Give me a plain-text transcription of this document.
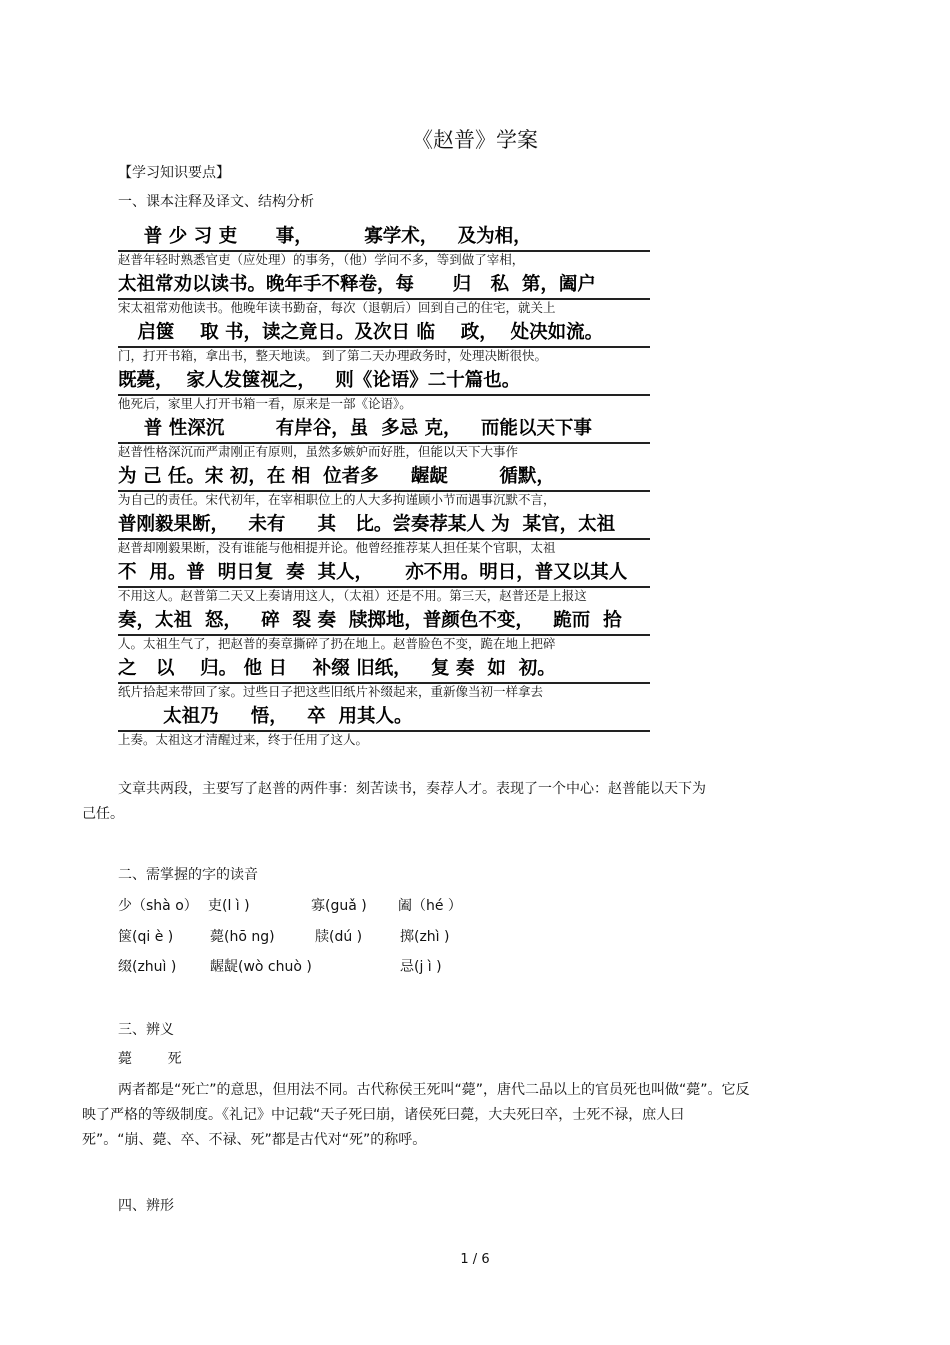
《赵普》学案
【学习知识要点】
一、课本注释及译文、结构分析
普 少 习 吏      事，        寡学术，   及为相，
赵普年轻时熟悉官吏（应处理）的事务，（他）学问不多，等到做了宰相，
太祖常劝以读书。晚年手不释卷，每      归   私  第，阖户
宋太祖常劝他读书。他晚年读书勤奋，每次（退朝后）回到自己的住宅，就关上
启箧    取 书，读之竟日。及次日 临    政，  处决如流。
门，打开书箱，拿出书，整天地读。 到了第二天办理政务时，处理决断很快。
既薨，  家人发箧视之，   则《论语》二十篇也。
他死后，家里人打开书箱一看，原来是一部《论语》。
普 性深沉        有岸谷，虽  多忌 克，   而能以天下事
赵普性格深沉而严肃刚正有原则，虽然多嫉妒而好胜，但能以天下大事作
为 己 任。宋 初，在 相  位者多     龌龊        循默，
为自己的责任。宋代初年，在宰相职位上的人大多拘谨顾小节而遇事沉默不言，
普刚毅果断，   未有     其   比。尝奏荐某人 为  某官，太祖
赵普却刚毅果断，没有谁能与他相提并论。他曾经推荐某人担任某个官职，太祖
不  用。普  明日复  奏  其人，     亦不用。明日，普又以其人
不用这人。赵普第二天又上奏请用这人，（太祖）还是不用。第三天，赵普还是上报这
奏，太祖  怒，   碎  裂 奏  牍掷地，普颜色不变，   跪而  拾
人。太祖生气了，把赵普的奏章撕碎了扔在地上。赵普脸色不变，跪在地上把碎
之   以    归。 他 日    补缀 旧纸，   复 奏  如  初。
纸片拾起来带回了家。过些日子把这些旧纸片补缀起来，重新像当初一样拿去
太祖乃     悟，   卒  用其人。
上奏。太祖这才清醒过来，终于任用了这人。
文章共两段，主要写了赵普的两件事：刻苦读书，奏荐人才。表现了一个中心：赵普能以天下为
己任。
二、需掌握的字的读音
少（shà o） 吏(l ì )	寡(guǎ ) 阖（hé ）
箧(qi è )	薨(hō ng)	牍(dú )	掷(zhì )
缀(zhuì ) 龌龊(wò chuò )	忌(j ì )
三、辨义
薨        死
两者都是“死亡”的意思，但用法不同。古代称侯王死叫“薨”，唐代二品以上的官员死也叫做“薨”。它反映了严格的等级制度。《礼记》中记载“天子死曰崩，诸侯死曰薨，大夫死曰卒，士死不禄，庶人曰死”。“崩、薨、卒、不禄、死”都是古代对“死”的称呼。
四、辨形
1 / 6
